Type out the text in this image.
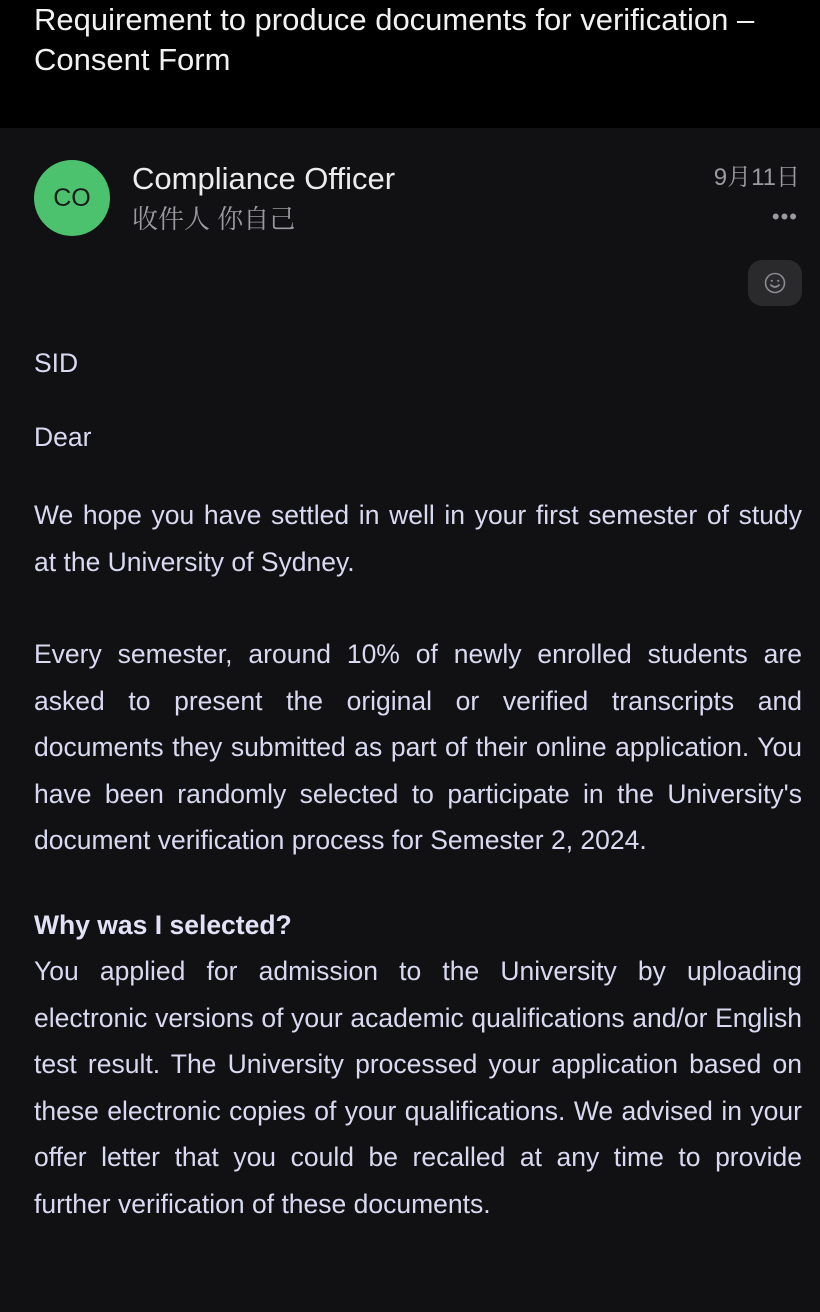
Requirement to produce documents for verification – Consent Form
CO
Compliance Officer
收件人 你自己
9月11日
•••

SID

Dear

We hope you have settled in well in your first semester of study at the University of Sydney.

Every semester, around 10% of newly enrolled students are asked to present the original or verified transcripts and documents they submitted as part of their online application. You have been randomly selected to participate in the University's document verification process for Semester 2, 2024.

Why was I selected?

You applied for admission to the University by uploading electronic versions of your academic qualifications and/or English test result. The University processed your application based on these electronic copies of your qualifications. We advised in your offer letter that you could be recalled at any time to provide further verification of these documents.
